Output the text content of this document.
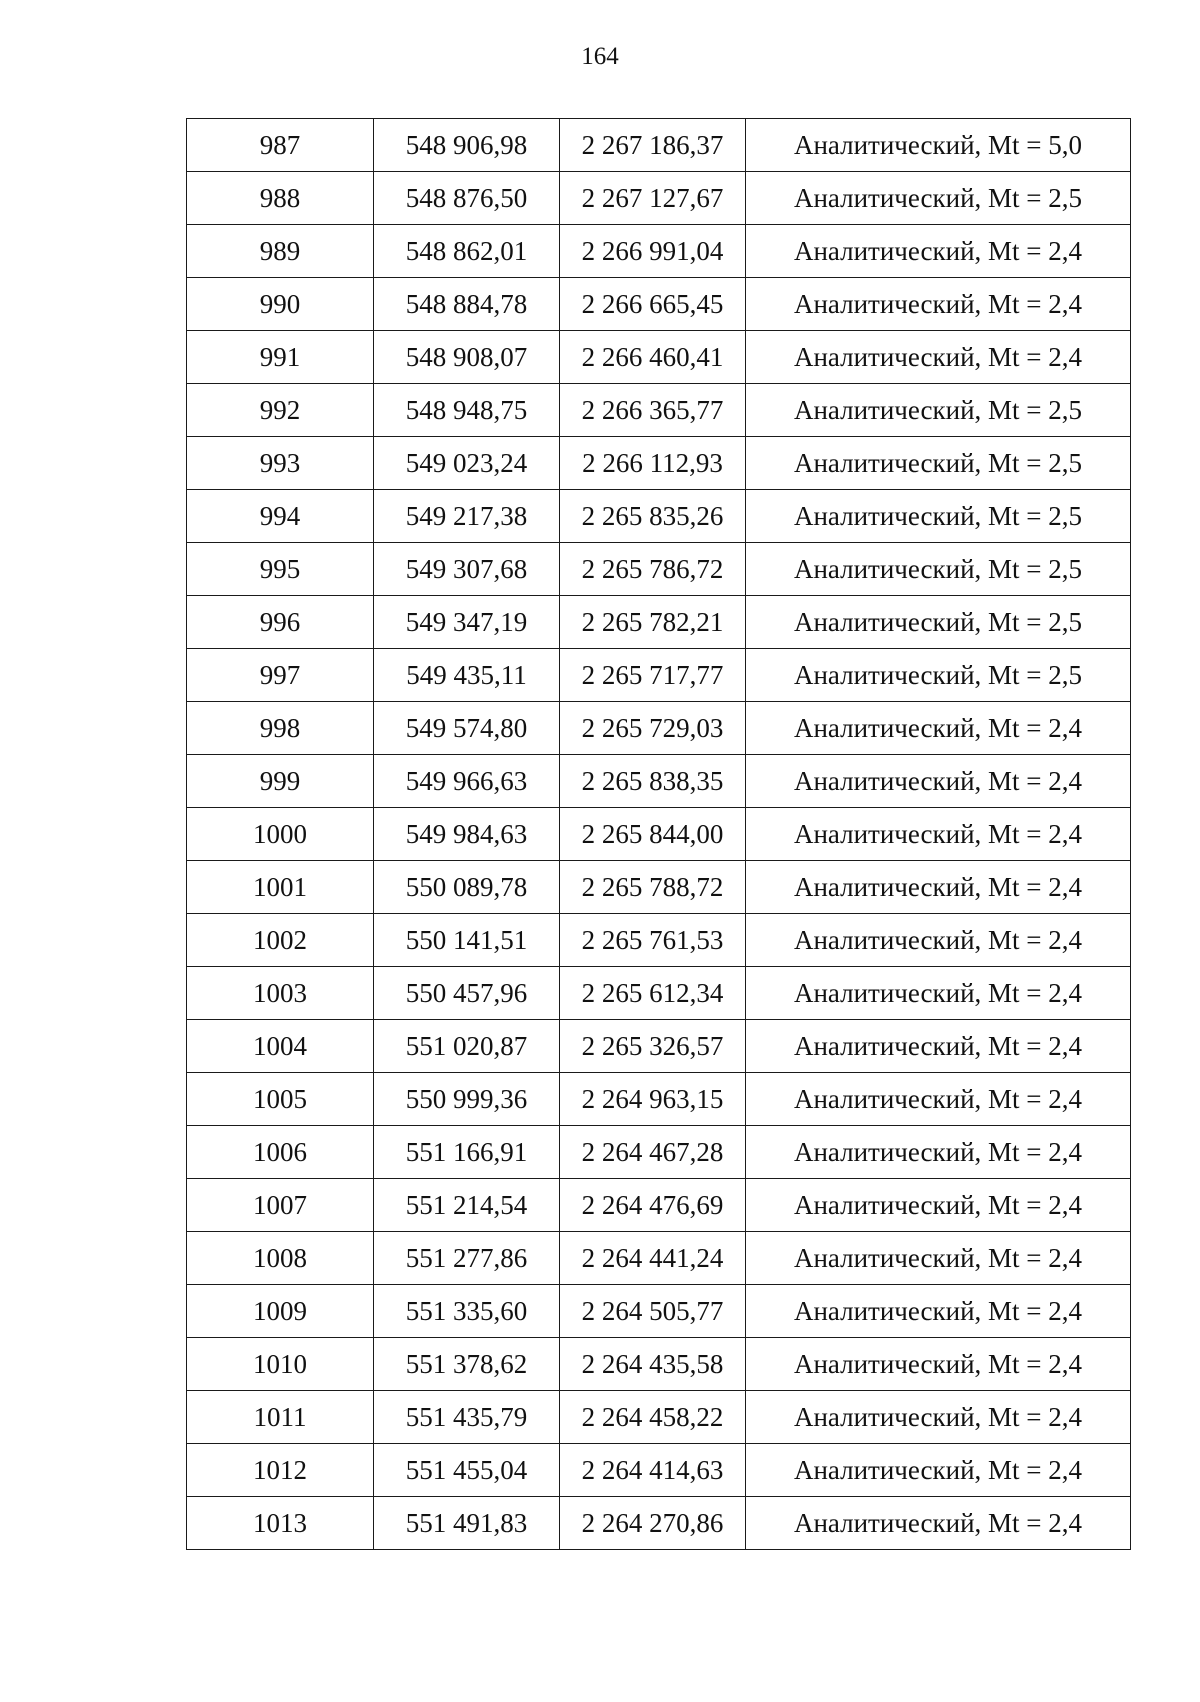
164
987	548 906,98	2 267 186,37	Аналитический, Mt = 5,0
988	548 876,50	2 267 127,67	Аналитический, Mt = 2,5
989	548 862,01	2 266 991,04	Аналитический, Mt = 2,4
990	548 884,78	2 266 665,45	Аналитический, Mt = 2,4
991	548 908,07	2 266 460,41	Аналитический, Mt = 2,4
992	548 948,75	2 266 365,77	Аналитический, Mt = 2,5
993	549 023,24	2 266 112,93	Аналитический, Mt = 2,5
994	549 217,38	2 265 835,26	Аналитический, Mt = 2,5
995	549 307,68	2 265 786,72	Аналитический, Mt = 2,5
996	549 347,19	2 265 782,21	Аналитический, Mt = 2,5
997	549 435,11	2 265 717,77	Аналитический, Mt = 2,5
998	549 574,80	2 265 729,03	Аналитический, Mt = 2,4
999	549 966,63	2 265 838,35	Аналитический, Mt = 2,4
1000	549 984,63	2 265 844,00	Аналитический, Mt = 2,4
1001	550 089,78	2 265 788,72	Аналитический, Mt = 2,4
1002	550 141,51	2 265 761,53	Аналитический, Mt = 2,4
1003	550 457,96	2 265 612,34	Аналитический, Mt = 2,4
1004	551 020,87	2 265 326,57	Аналитический, Mt = 2,4
1005	550 999,36	2 264 963,15	Аналитический, Mt = 2,4
1006	551 166,91	2 264 467,28	Аналитический, Mt = 2,4
1007	551 214,54	2 264 476,69	Аналитический, Mt = 2,4
1008	551 277,86	2 264 441,24	Аналитический, Mt = 2,4
1009	551 335,60	2 264 505,77	Аналитический, Mt = 2,4
1010	551 378,62	2 264 435,58	Аналитический, Mt = 2,4
1011	551 435,79	2 264 458,22	Аналитический, Mt = 2,4
1012	551 455,04	2 264 414,63	Аналитический, Mt = 2,4
1013	551 491,83	2 264 270,86	Аналитический, Mt = 2,4
